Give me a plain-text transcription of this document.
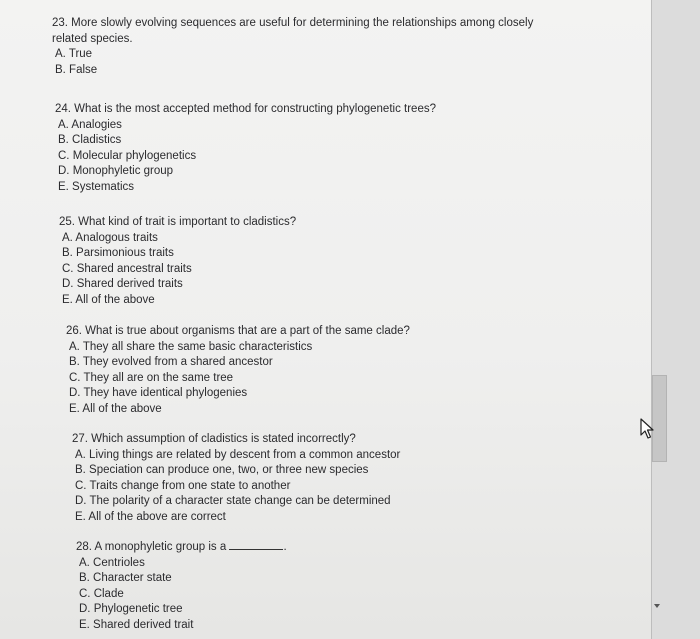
23. More slowly evolving sequences are useful for determining the relationships among closely
related species.
A. True
B. False
24. What is the most accepted method for constructing phylogenetic trees?
A. Analogies
B. Cladistics
C. Molecular phylogenetics
D. Monophyletic group
E. Systematics
25. What kind of trait is important to cladistics?
A. Analogous traits
B. Parsimonious traits
C. Shared ancestral traits
D. Shared derived traits
E. All of the above
26. What is true about organisms that are a part of the same clade?
A. They all share the same basic characteristics
B. They evolved from a shared ancestor
C. They all are on the same tree
D. They have identical phylogenies
E. All of the above
27. Which assumption of cladistics is stated incorrectly?
A. Living things are related by descent from a common ancestor
B. Speciation can produce one, two, or three new species
C. Traits change from one state to another
D. The polarity of a character state change can be determined
E. All of the above are correct
28. A monophyletic group is a	.
A. Centrioles
B. Character state
C. Clade
D. Phylogenetic tree
E. Shared derived trait
